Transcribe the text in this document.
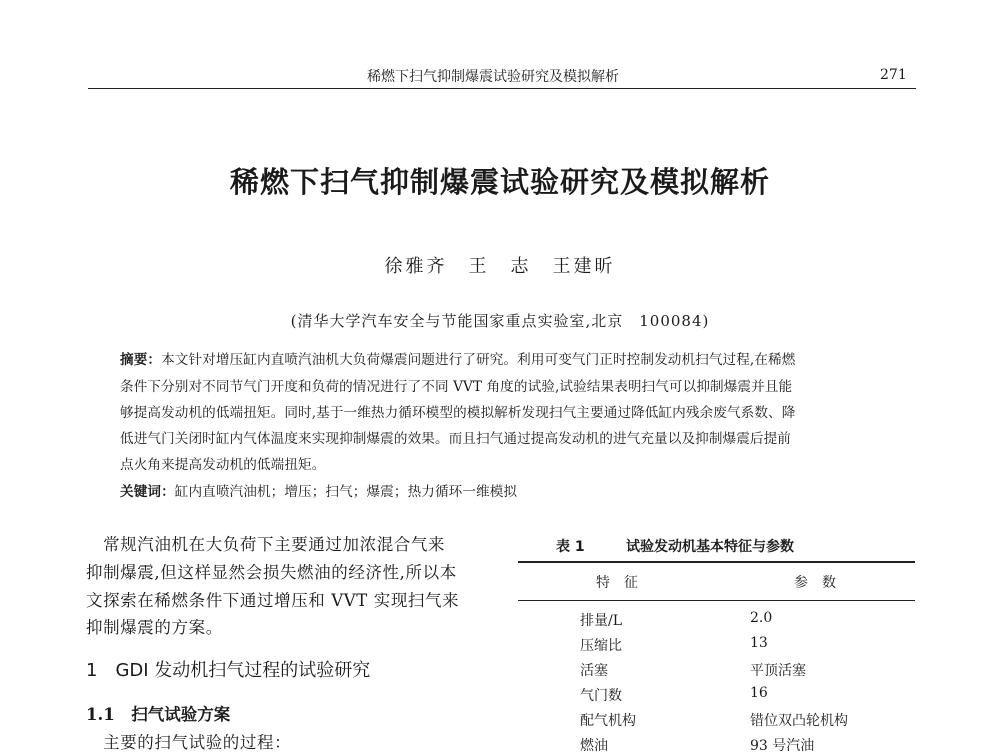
稀燃下扫气抑制爆震试验研究及模拟解析	271
稀燃下扫气抑制爆震试验研究及模拟解析
徐雅齐　王　志　王建昕
(清华大学汽车安全与节能国家重点实验室,北京　100084)
摘要：本文针对增压缸内直喷汽油机大负荷爆震问题进行了研究。利用可变气门正时控制发动机扫气过程,在稀燃
条件下分别对不同节气门开度和负荷的情况进行了不同 VVT 角度的试验,试验结果表明扫气可以抑制爆震并且能
够提高发动机的低端扭矩。同时,基于一维热力循环模型的模拟解析发现扫气主要通过降低缸内残余废气系数、降
低进气门关闭时缸内气体温度来实现抑制爆震的效果。而且扫气通过提高发动机的进气充量以及抑制爆震后提前
点火角来提高发动机的低端扭矩。
关键词：缸内直喷汽油机；增压；扫气；爆震；热力循环一维模拟
　常规汽油机在大负荷下主要通过加浓混合气来
抑制爆震,但这样显然会损失燃油的经济性,所以本
文探索在稀燃条件下通过增压和 VVT 实现扫气来
抑制爆震的方案。
1　GDI 发动机扫气过程的试验研究
1.1　扫气试验方案
　主要的扫气试验的过程：
表 1	试验发动机基本特征与参数
特　征	参　数
排量/L	2.0
压缩比	13
活塞	平顶活塞
气门数	16
配气机构	错位双凸轮机构
燃油	93 号汽油
